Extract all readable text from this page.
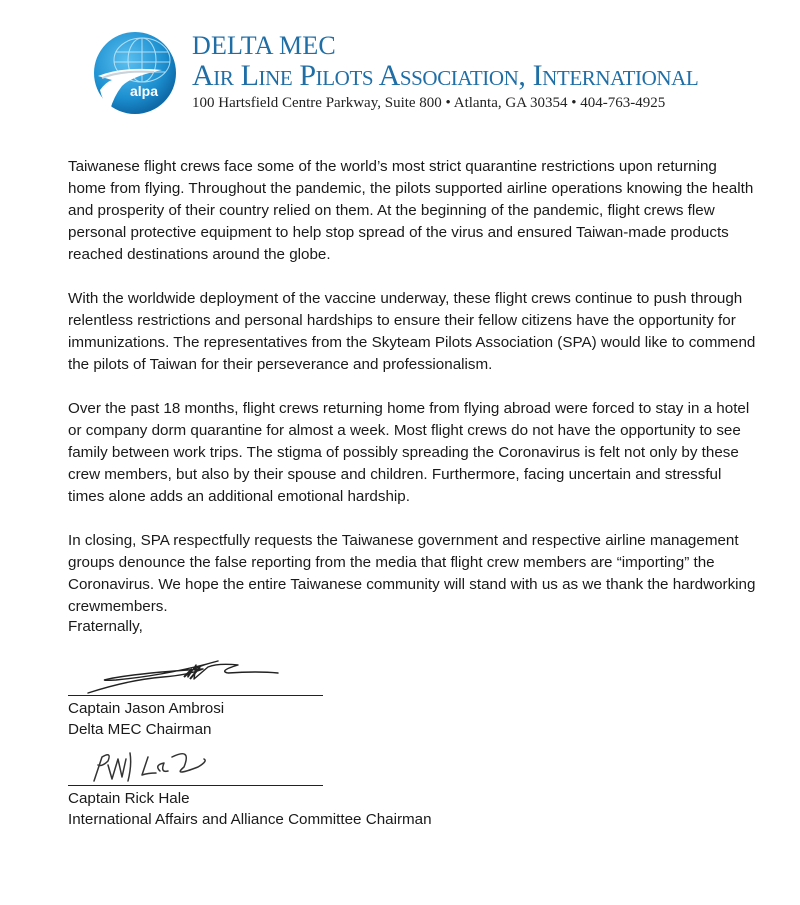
alpa
DELTA MEC
Air Line Pilots Association, International
100 Hartsfield Centre Parkway, Suite 800 • Atlanta, GA 30354 • 404-763-4925

Taiwanese flight crews face some of the world’s most strict quarantine restrictions upon returning home from flying. Throughout the pandemic, the pilots supported airline operations knowing the health and prosperity of their country relied on them. At the beginning of the pandemic, flight crews flew personal protective equipment to help stop spread of the virus and ensured Taiwan-made products reached destinations around the globe.

With the worldwide deployment of the vaccine underway, these flight crews continue to push through relentless restrictions and personal hardships to ensure their fellow citizens have the opportunity for immunizations. The representatives from the Skyteam Pilots Association (SPA) would like to commend the pilots of Taiwan for their perseverance and professionalism.

Over the past 18 months, flight crews returning home from flying abroad were forced to stay in a hotel or company dorm quarantine for almost a week. Most flight crews do not have the opportunity to see family between work trips. The stigma of possibly spreading the Coronavirus is felt not only by these crew members, but also by their spouse and children. Furthermore, facing uncertain and stressful times alone adds an additional emotional hardship.

In closing, SPA respectfully requests the Taiwanese government and respective airline management groups denounce the false reporting from the media that flight crew members are “importing” the Coronavirus. We hope the entire Taiwanese community will stand with us as we thank the hardworking crewmembers.

Fraternally,
Captain Jason Ambrosi
Delta MEC Chairman
Captain Rick Hale
International Affairs and Alliance Committee Chairman
